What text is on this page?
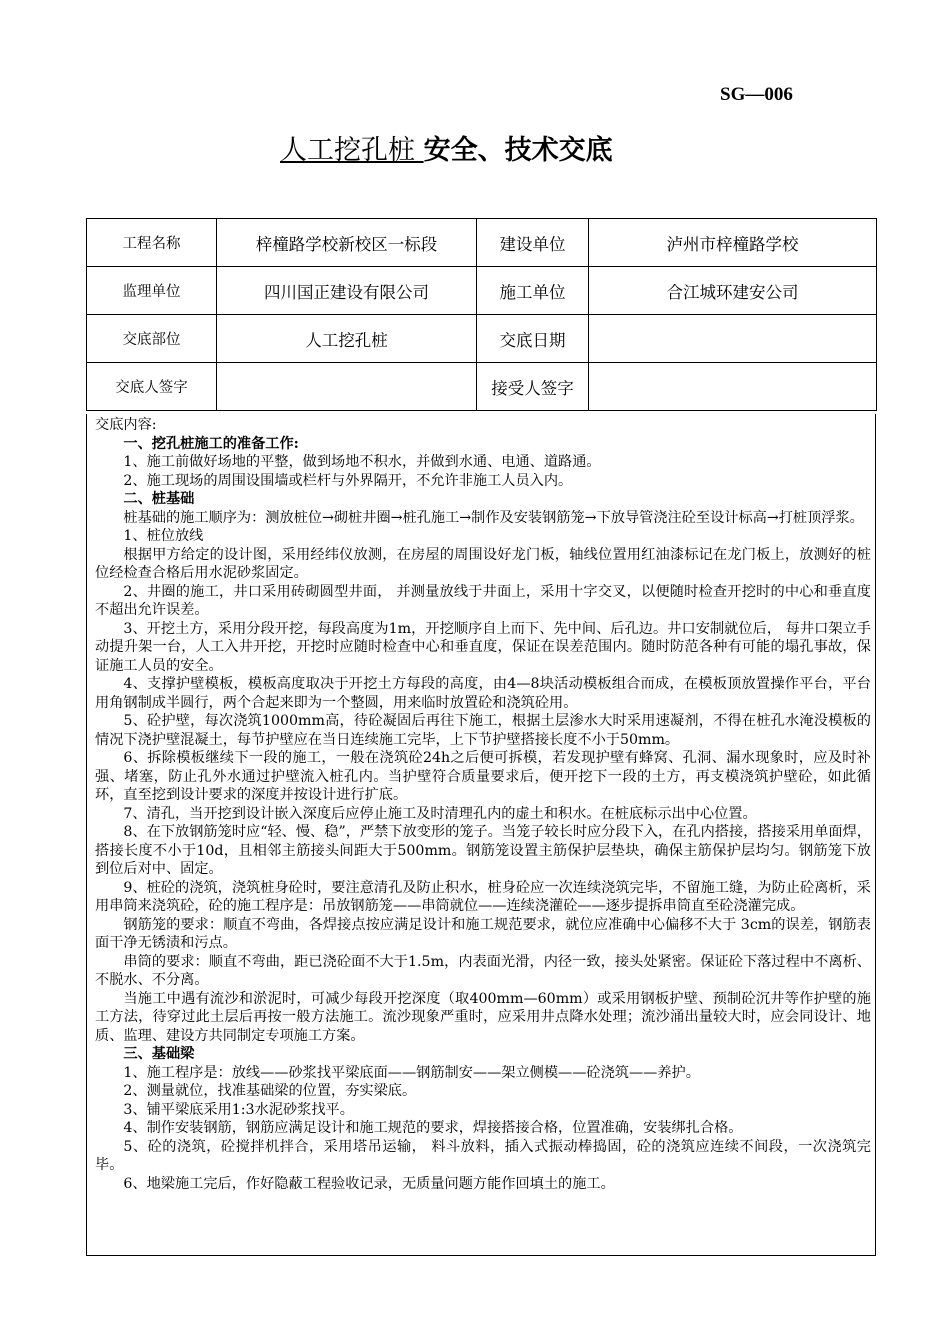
SG—006
人工挖孔桩 安全、技术交底
工程名称	梓橦路学校新校区一标段	建设单位	泸州市梓橦路学校
监理单位	四川国正建设有限公司	施工单位	合江城环建安公司
交底部位	人工挖孔桩	交底日期	
交底人签字		接受人签字	

交底内容:

一、挖孔桩施工的准备工作:

1、施工前做好场地的平整，做到场地不积水，并做到水通、电通、道路通。

2、施工现场的周围设围墙或栏杆与外界隔开，不允许非施工人员入内。

二、桩基础

桩基础的施工顺序为：测放桩位→砌桩井圈→桩孔施工→制作及安装钢筋笼→下放导管浇注砼至设计标高→打桩顶浮浆。

1、桩位放线

根据甲方给定的设计图，采用经纬仪放测，在房屋的周围设好龙门板，轴线位置用红油漆标记在龙门板上，放测好的桩位经检查合格后用水泥砂浆固定。

2、井圈的施工，井口采用砖砌圆型井面， 并测量放线于井面上，采用十字交叉，以便随时检查开挖时的中心和垂直度不超出允许误差。

3、开挖土方，采用分段开挖，每段高度为1m，开挖顺序自上而下、先中间、后孔边。井口安制就位后， 每井口架立手动提升架一台，人工入井开挖，开挖时应随时检查中心和垂直度，保证在误差范围内。随时防范各种有可能的塌孔事故，保证施工人员的安全。

4、支撑护壁模板，模板高度取决于开挖土方每段的高度，由4—8块活动模板组合而成，在模板顶放置操作平台，平台用角钢制成半圆行，两个合起来即为一个整圆，用来临时放置砼和浇筑砼用。

5、砼护壁，每次浇筑1000mm高，待砼凝固后再往下施工，根据土层渗水大时采用速凝剂，不得在桩孔水淹没模板的情况下浇护壁混凝土，每节护壁应在当日连续施工完毕，上下节护壁搭接长度不小于50mm。

6、拆除模板继续下一段的施工，一般在浇筑砼24h之后便可拆模，若发现护壁有蜂窝、孔洞、漏水现象时，应及时补强、堵塞，防止孔外水通过护壁流入桩孔内。当护壁符合质量要求后，便开挖下一段的土方，再支模浇筑护壁砼，如此循环，直至挖到设计要求的深度并按设计进行扩底。

7、清孔，当开挖到设计嵌入深度后应停止施工及时清理孔内的虚土和积水。在桩底标示出中心位置。

8、在下放钢筋笼时应“轻、慢、稳”，严禁下放变形的笼子。当笼子较长时应分段下入，在孔内搭接，搭接采用单面焊，搭接长度不小于10d，且相邻主筋接头间距大于500mm。钢筋笼设置主筋保护层垫块，确保主筋保护层均匀。钢筋笼下放到位后对中、固定。

9、桩砼的浇筑，浇筑桩身砼时，要注意清孔及防止积水，桩身砼应一次连续浇筑完毕，不留施工缝，为防止砼离析，采用串筒来浇筑砼，砼的施工程序是：吊放钢筋笼——串筒就位——连续浇灌砼——逐步提拆串筒直至砼浇灌完成。

钢筋笼的要求：顺直不弯曲，各焊接点按应满足设计和施工规范要求，就位应准确中心偏移不大于 3cm的误差，钢筋表面干净无锈渍和污点。

串筒的要求：顺直不弯曲，距已浇砼面不大于1.5m，内表面光滑，内径一致，接头处紧密。保证砼下落过程中不离析、不脱水、不分离。

当施工中遇有流沙和淤泥时，可减少每段开挖深度（取400mm—60mm）或采用钢板护壁、预制砼沉井等作护壁的施工方法，待穿过此土层后再按一般方法施工。流沙现象严重时，应采用井点降水处理；流沙涌出量较大时，应会同设计、地质、监理、建设方共同制定专项施工方案。

三、基础梁

1、施工程序是：放线——砂浆找平梁底面——钢筋制安——架立侧模——砼浇筑——养护。

2、测量就位，找准基础梁的位置，夯实梁底。

3、铺平梁底采用1:3水泥砂浆找平。

4、制作安装钢筋，钢筋应满足设计和施工规范的要求，焊接搭接合格，位置准确，安装绑扎合格。

5、砼的浇筑，砼搅拌机拌合，采用塔吊运输， 料斗放料，插入式振动棒捣固，砼的浇筑应连续不间段，一次浇筑完毕。

6、地梁施工完后，作好隐蔽工程验收记录，无质量问题方能作回填土的施工。
